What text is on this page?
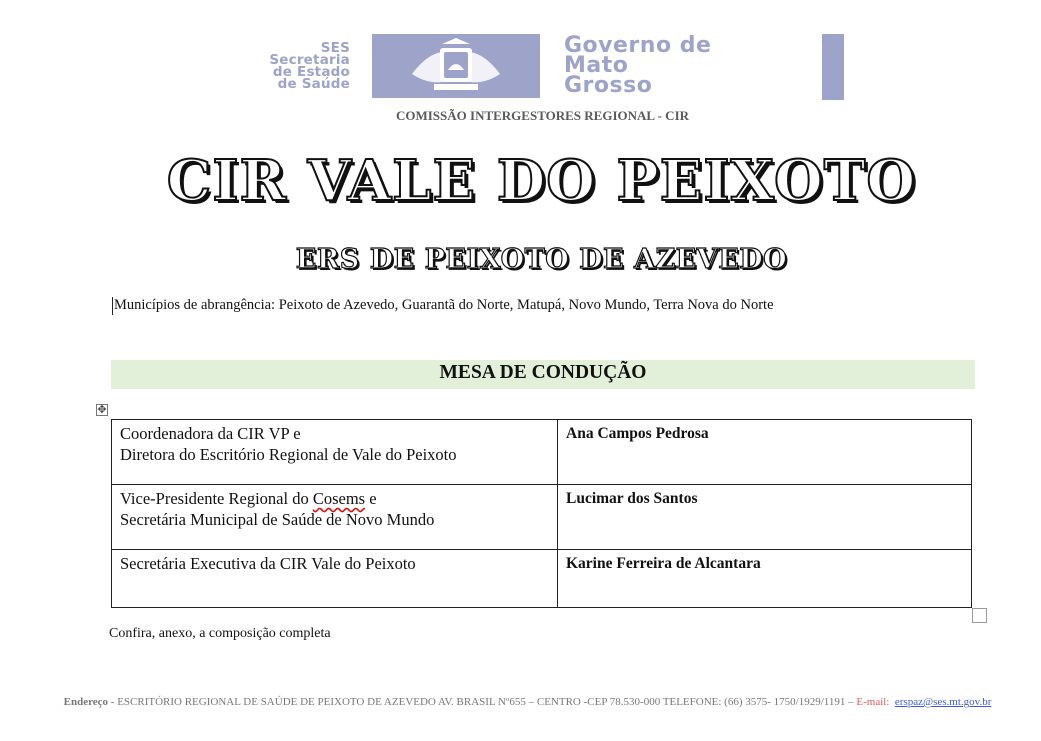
SES
Secretaria
de Estado
de Saúde
Governo de
Mato
Grosso
COMISSÃO INTERGESTORES REGIONAL - CIR
CIR VALE DO PEIXOTO
ERS DE PEIXOTO DE AZEVEDO
Municípios de abrangência: Peixoto de Azevedo, Guarantã do Norte, Matupá, Novo Mundo, Terra Nova do Norte
MESA DE CONDUÇÃO
✥
Coordenadora da CIR VP e
Diretora do Escritório Regional de Vale do Peixoto	Ana Campos Pedrosa

Vice-Presidente Regional do Cosems e
Secretária Municipal de Saúde de Novo Mundo	Lucimar dos Santos

Secretária Executiva da CIR Vale do Peixoto	Karine Ferreira de Alcantara
Confira, anexo, a composição completa
Endereço - ESCRITÓRIO REGIONAL DE SAÚDE DE PEIXOTO DE AZEVEDO AV. BRASIL Nº655 – CENTRO -CEP 78.530-000 TELEFONE: (66) 3575- 1750/1929/1191 – E-mail: erspaz@ses.mt.gov.br
